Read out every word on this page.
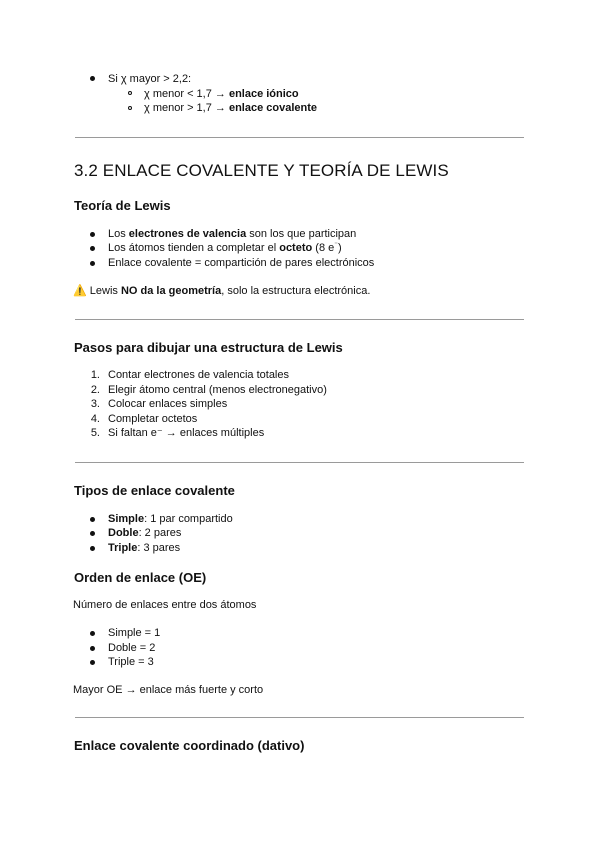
Si χ mayor > 2,2:
χ menor < 1,7 → enlace iónico
χ menor > 1,7 → enlace covalente
3.2 ENLACE COVALENTE Y TEORÍA DE LEWIS
Teoría de Lewis
Los electrones de valencia son los que participan
Los átomos tienden a completar el octeto (8 e⁻)
Enlace covalente = compartición de pares electrónicos
⚠️ Lewis NO da la geometría, solo la estructura electrónica.
Pasos para dibujar una estructura de Lewis
1. Contar electrones de valencia totales
2. Elegir átomo central (menos electronegativo)
3. Colocar enlaces simples
4. Completar octetos
5. Si faltan e⁻ → enlaces múltiples
Tipos de enlace covalente
Simple: 1 par compartido
Doble: 2 pares
Triple: 3 pares
Orden de enlace (OE)
Número de enlaces entre dos átomos
Simple = 1
Doble = 2
Triple = 3
Mayor OE → enlace más fuerte y corto
Enlace covalente coordinado (dativo)
